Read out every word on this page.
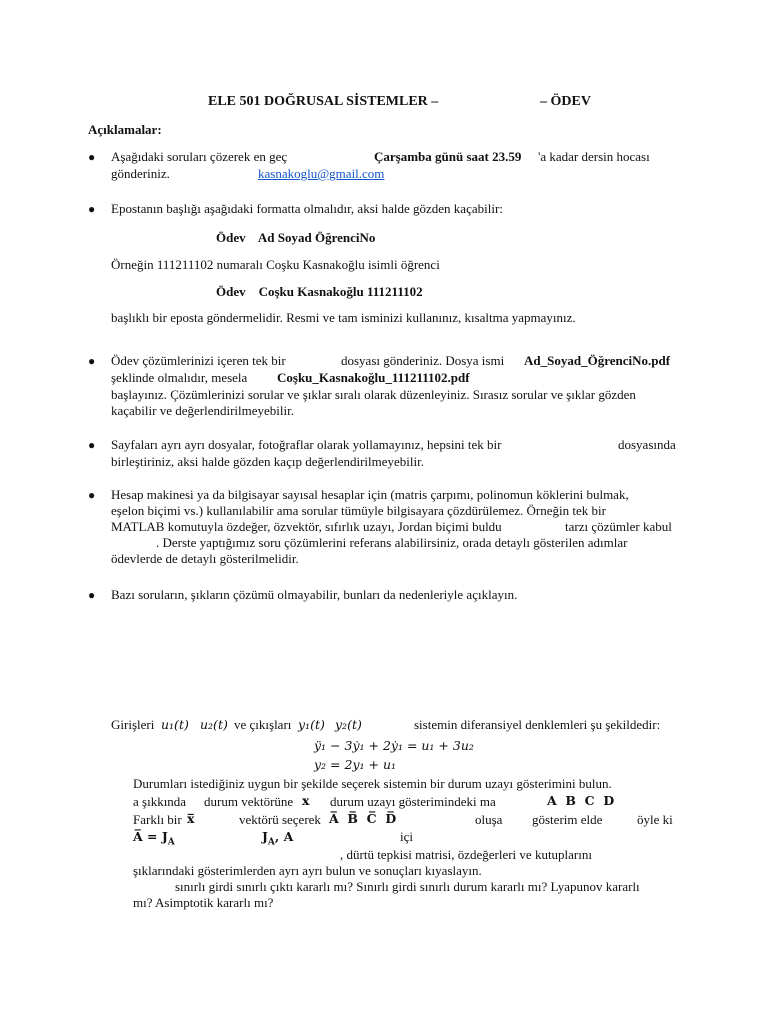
ELE 501 DOĞRUSAL SİSTEMLER –	– ÖDEV
Açıklamalar:
● Aşağıdaki soruları çözerek en geç	Çarşamba günü saat 23.59 'a kadar dersin hocası
gönderiniz.	kasnakoglu@gmail.com
● Epostanın başlığı aşağıdaki formatta olmalıdır, aksi halde gözden kaçabilir:
Ödev    Ad Soyad ÖğrenciNo
Örneğin 111211102 numaralı Coşku Kasnakoğlu isimli öğrenci
Ödev    Coşku Kasnakoğlu 111211102
başlıklı bir eposta göndermelidir. Resmi ve tam isminizi kullanınız, kısaltma yapmayınız.
● Ödev çözümlerinizi içeren tek bir	dosyası gönderiniz. Dosya ismi Ad_Soyad_ÖğrenciNo.pdf
şeklinde olmalıdır, mesela Coşku_Kasnakoğlu_111211102.pdf
başlayınız. Çözümlerinizi sorular ve şıklar sıralı olarak düzenleyiniz. Sırasız sorular ve şıklar gözden
kaçabilir ve değerlendirilmeyebilir.
● Sayfaları ayrı ayrı dosyalar, fotoğraflar olarak yollamayınız, hepsini tek bir	dosyasında
birleştiriniz, aksi halde gözden kaçıp değerlendirilmeyebilir.
● Hesap makinesi ya da bilgisayar sayısal hesaplar için (matris çarpımı, polinomun köklerini bulmak,
eşelon biçimi vs.) kullanılabilir ama sorular tümüyle bilgisayara çözdürülemez. Örneğin tek bir
MATLAB komutuyla özdeğer, özvektör, sıfırlık uzayı, Jordan biçimi buldu	tarzı çözümler kabul
. Derste yaptığımız soru çözümlerini referans alabilirsiniz, orada detaylı gösterilen adımlar
ödevlerde de detaylı gösterilmelidir.
● Bazı soruların, şıkların çözümü olmayabilir, bunları da nedenleriyle açıklayın.
Girişleri u₁(t) u₂(t) ve çıkışları y₁(t) y₂(t)	sistemin diferansiyel denklemleri şu şekildedir:
ÿ₁ − 3ẏ₁ + 2ẏ₁ = u₁ + 3u₂
y₂ = 2y₁ + u₁
Durumları istediğiniz uygun bir şekilde seçerek sistemin bir durum uzayı gösterimini bulun.
a şıkkında durum vektörüne x durum uzayı gösterimindeki ma	A  B  C  D
Farklı bir x̅	vektörü seçerek A̅  B̅  C̅  D̅	oluşa gösterim elde	öyle ki
A̅ = $J_A$	$J_A$, A	içi
, dürtü tepkisi matrisi, özdeğerleri ve kutuplarını
şıklarındaki gösterimlerden ayrı ayrı bulun ve sonuçları kıyaslayın.
sınırlı girdi sınırlı çıktı kararlı mı? Sınırlı girdi sınırlı durum kararlı mı? Lyapunov kararlı
mı? Asimptotik kararlı mı?
